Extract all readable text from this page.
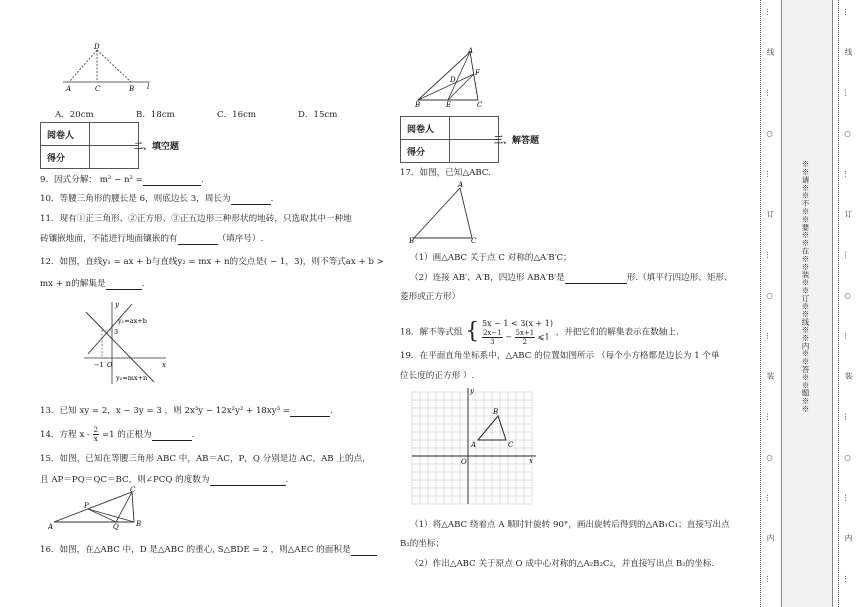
D
A	C	B l
A．20cm	B．18cm	C．16cm	D．15cm
阅卷人	
得分	
二、填空题
9．因式分解： m² − n² =	.
10．等腰三角形的腰长是 6，则底边长 3，周长为	.
11．现有①正三角形、②正方形、③正五边形三种形状的地砖，只选取其中一种地
砖镶嵌地面，不能进行地面镶嵌的有	（填序号）.
12．如图，直线y₁ = ax + b与直线y₂ = mx + n的交点是( − 1，3)，则不等式ax + b >
mx + n的解集是	.
y
y₁=ax+b
3
−1 O	x
y₂=mx+n
13．已知 xy = 2，x − 3y = 3 ，则 2x³y − 12x²y² + 18xy³ =	.
14．方程 $x - \frac{2}{x} =1$ 的正根为	.
15．如图，已知在等腰三角形 ABC 中，AB＝AC，P，Q 分别是边 AC，AB 上的点，
且 AP＝PQ＝QC＝BC，则∠PCQ 的度数为	.
C
P
A	Q B
16．如图，在△ABC 中，D 是△ABC 的重心, S△BDE = 2 ，则△AEC 的面积是
A
D
F
B	E	C
阅卷人	
得分	
三、解答题
17．如图，已知△ABC.
A
B	C
（1）画△ABC 关于点 C 对称的△A′B′C；
（2）连接 AB′、A′B，四边形 ABA′B′是	形.（填平行四边形、矩形、
菱形或正方形）
18．解不等式组 { 5x − 1 < 3(x + 1)
$\frac{2x-1}{3} - \frac{5x+1}{2}$ ⩽1 ，并把它们的解集表示在数轴上.
19．在平面直角坐标系中，△ABC 的位置如图所示 （每个小方格都是边长为 1 个单
位长度的正方形 ）.
y
B
A	C
O	x
（1）将△ABC 绕着点 A 顺时针旋转 90°，画出旋转后得到的△AB₁C₁；直接写出点
B₁的坐标；
（2）作出△ABC 关于原点 O 成中心对称的△A₂B₂C₂，并直接写出点 B₂的坐标.
…
线
…
○
…
订
…
○
…
装
…
○
…
内
…
※※请※※不※※要※※在※※装※※订※※线※※内※※答※※题※※
…
线
…
○
…
订
…
○
…
装
…
○
…
内
…
